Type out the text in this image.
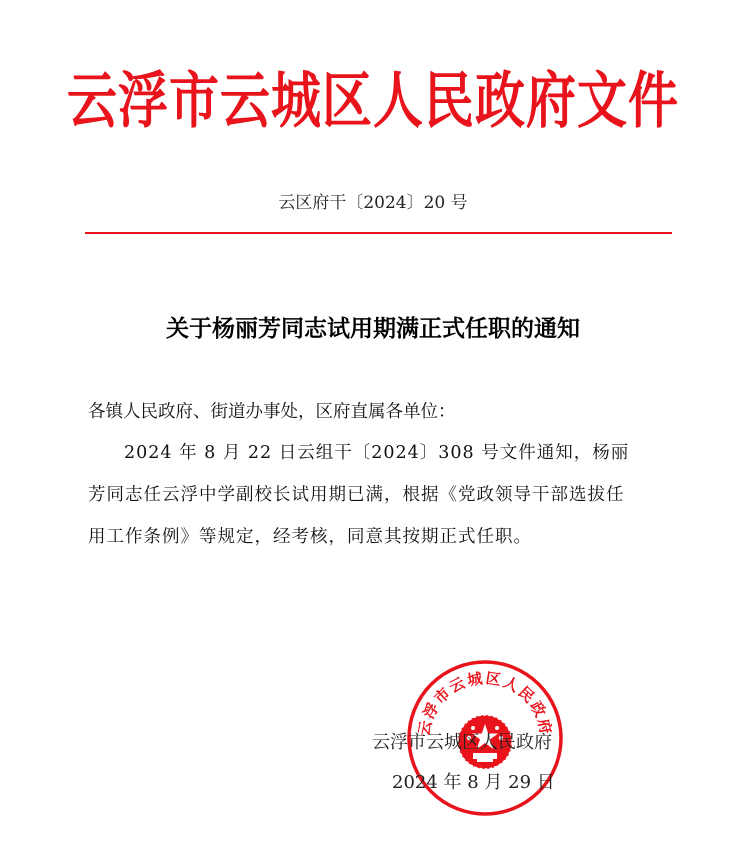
云浮市云城区人民政府文件
云区府干〔2024〕20 号
关于杨丽芳同志试用期满正式任职的通知
各镇人民政府、街道办事处，区府直属各单位：

2024 年 8 月 22 日云组干〔2024〕308 号文件通知，杨丽芳同志任云浮中学副校长试用期已满，根据《党政领导干部选拔任用工作条例》等规定，经考核，同意其按期正式任职。

云浮市云城区人民政府
云浮市云城区人民政府
2024 年 8 月 29 日
